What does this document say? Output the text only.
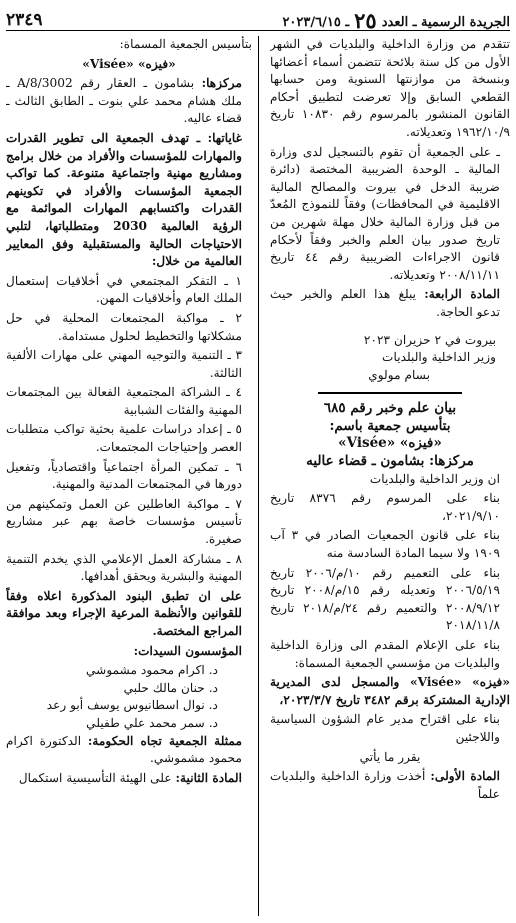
الجريدة الرسمية ـ العدد
٢٥
ـ ٢٠٢٣/٦/١٥
٢٣٤٩

تتقدم من وزارة الداخلية والبلديات في الشهر الأول من كل سنة بلائحة تتضمن أسماء أعضائها وبنسخة من موازنتها السنوية ومن حسابها القطعي السابق وإلا تعرضت لتطبيق أحكام القانون المنشور بالمرسوم رقم ١٠٨٣٠ تاريخ ١٩٦٢/١٠/٩ وتعديلاته.

ـ على الجمعية أن تقوم بالتسجيل لدى وزارة المالية ـ الوحدة الضريبية المختصة (دائرة ضريبة الدخل في بيروت والمصالح المالية الاقليمية في المحافظات) وفقاً للنموذج المُعدّ من قبل وزارة المالية خلال مهلة شهرين من تاريخ صدور بيان العلم والخبر وفقاً لأحكام قانون الاجراءات الضريبية رقم ٤٤ تاريخ ٢٠٠٨/١١/١١ وتعديلاته.

المادة الرابعة: يبلغ هذا العلم والخبر حيث تدعو الحاجة.

بيروت في ٢ حزيران ٢٠٢٣

وزير الداخلية والبلديات

بسام مولوي

بيان علم وخبر رقم ٦٨٥

بتأسيس جمعية باسم:

«فيزه» «Visée»

مركزها: بشامون ـ قضاء عاليه

ان وزير الداخلية والبلديات

بناء على المرسوم رقم ٨٣٧٦ تاريخ ٢٠٢١/٩/١٠،

بناء على قانون الجمعيات الصادر في ٣ آب ١٩٠٩ ولا سيما المادة السادسة منه

بناء على التعميم رقم ١٠/م/٢٠٠٦ تاريخ ٢٠٠٦/٥/١٩ وتعديله رقم ١٥/م/٢٠٠٨ تاريخ ٢٠٠٨/٩/١٢ والتعميم رقم ٢٤/م/٢٠١٨ تاريخ ٢٠١٨/١١/٨

بناء على الإعلام المقدم الى وزارة الداخلية والبلديات من مؤسسي الجمعية المسماة:

«فيزه» «Visée» والمسجل لدى المديرية الإدارية المشتركة برقم ٣٤٨٢ تاريخ ٢٠٢٣/٣/٧،

بناء على اقتراح مدير عام الشؤون السياسية واللاجئين

يقرر ما يأتي

المادة الأولى: أخذت وزارة الداخلية والبلديات علماً

بتأسيس الجمعية المسماة:

«فيزه» «Visée»

مركزها: بشامون ـ العقار رقم A/8/3002 ـ ملك هشام محمد علي بنوت ـ الطابق الثالث ـ قضاء عاليه.

غاياتها: ـ تهدف الجمعية الى تطوير القدرات والمهارات للمؤسسات والأفراد من خلال برامج ومشاريع مهنية واجتماعية متنوعة. كما تواكب الجمعية المؤسسات والأفراد في تكوينهم القدرات واكتسابهم المهارات الموائمة مع الرؤية العالمية 2030 ومتطلباتها، لتلبي الاحتياجات الحالية والمستقبلية وفق المعايير العالمية من خلال:

١ ـ التفكر المجتمعي في أخلاقيات إستعمال الملك العام وأخلاقيات المهن.

٢ ـ مواكبة المجتمعات المحلية في حل مشكلاتها والتخطيط لحلول مستدامة.

٣ ـ التنمية والتوجيه المهني على مهارات الألفية الثالثة.

٤ ـ الشراكة المجتمعية الفعالة بين المجتمعات المهنية والفئات الشبابية

٥ ـ إعداد دراسات علمية بحثية تواكب متطلبات العصر وإحتياجات المجتمعات.

٦ ـ تمكين المرأة اجتماعياً واقتصادياً، وتفعيل دورها في المجتمعات المدنية والمهنية.

٧ ـ مواكبة العاطلين عن العمل وتمكينهم من تأسيس مؤسسات خاصة بهم عبر مشاريع صغيرة.

٨ ـ مشاركة العمل الإعلامي الذي يخدم التنمية المهنية والبشرية ويحقق أهدافها.

على ان تطبق البنود المذكورة اعلاه وفقاً للقوانين والأنظمة المرعية الإجراء وبعد موافقة المراجع المختصة.

المؤسسون السيدات:

د. اكرام محمود مشموشي

د. حنان مالك حلبي

د. نوال اسطانيوس يوسف أبو رعد

د. سمر محمد علي طفيلي

ممثلة الجمعية تجاه الحكومة: الدكتورة اكرام محمود مشموشي.

المادة الثانية: على الهيئة التأسيسية استكمال
